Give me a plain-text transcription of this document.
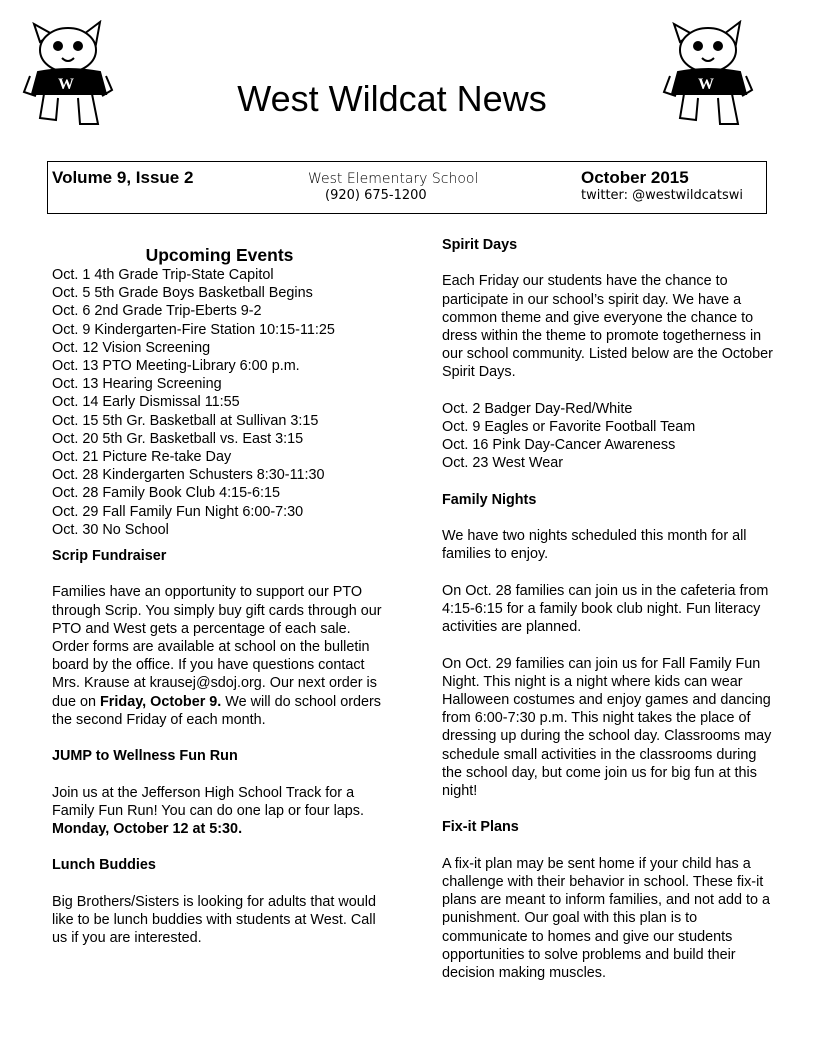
W	W
West Wildcat News
Volume 9, Issue 2	West Elementary School
(920) 675-1200
October 2015
twitter: @westwildcatswi

Upcoming Events

Oct. 1 4th Grade Trip-State Capitol
Oct. 5 5th Grade Boys Basketball Begins
Oct. 6 2nd Grade Trip-Eberts 9-2
Oct. 9 Kindergarten-Fire Station 10:15-11:25
Oct. 12 Vision Screening
Oct. 13 PTO Meeting-Library 6:00 p.m.
Oct. 13 Hearing Screening
Oct. 14 Early Dismissal 11:55
Oct. 15 5th Gr. Basketball at Sullivan 3:15
Oct. 20 5th Gr. Basketball vs. East 3:15
Oct. 21 Picture Re-take Day
Oct. 28 Kindergarten Schusters 8:30-11:30
Oct. 28 Family Book Club 4:15-6:15
Oct. 29 Fall Family Fun Night 6:00-7:30
Oct. 30 No School

Scrip Fundraiser

Families have an opportunity to support our PTO through Scrip. You simply buy gift cards through our PTO and West gets a percentage of each sale. Order forms are available at school on the bulletin board by the office. If you have questions contact Mrs. Krause at krausej@sdoj.org. Our next order is due on Friday, October 9. We will do school orders the second Friday of each month.

JUMP to Wellness Fun Run

Join us at the Jefferson High School Track for a Family Fun Run! You can do one lap or four laps. Monday, October 12 at 5:30.

Lunch Buddies

Big Brothers/Sisters is looking for adults that would like to be lunch buddies with students at West. Call us if you are interested.

Spirit Days

Each Friday our students have the chance to participate in our school’s spirit day. We have a common theme and give everyone the chance to dress within the theme to promote togetherness in our school community. Listed below are the October Spirit Days.

Oct. 2 Badger Day-Red/White
Oct. 9 Eagles or Favorite Football Team
Oct. 16 Pink Day-Cancer Awareness
Oct. 23 West Wear

Family Nights

We have two nights scheduled this month for all families to enjoy.

On Oct. 28 families can join us in the cafeteria from 4:15-6:15 for a family book club night. Fun literacy activities are planned.

On Oct. 29 families can join us for Fall Family Fun Night. This night is a night where kids can wear Halloween costumes and enjoy games and dancing from 6:00-7:30 p.m. This night takes the place of dressing up during the school day. Classrooms may schedule small activities in the classrooms during the school day, but come join us for big fun at this night!

Fix-it Plans

A fix-it plan may be sent home if your child has a challenge with their behavior in school. These fix-it plans are meant to inform families, and not add to a punishment. Our goal with this plan is to communicate to homes and give our students opportunities to solve problems and build their decision making muscles.
